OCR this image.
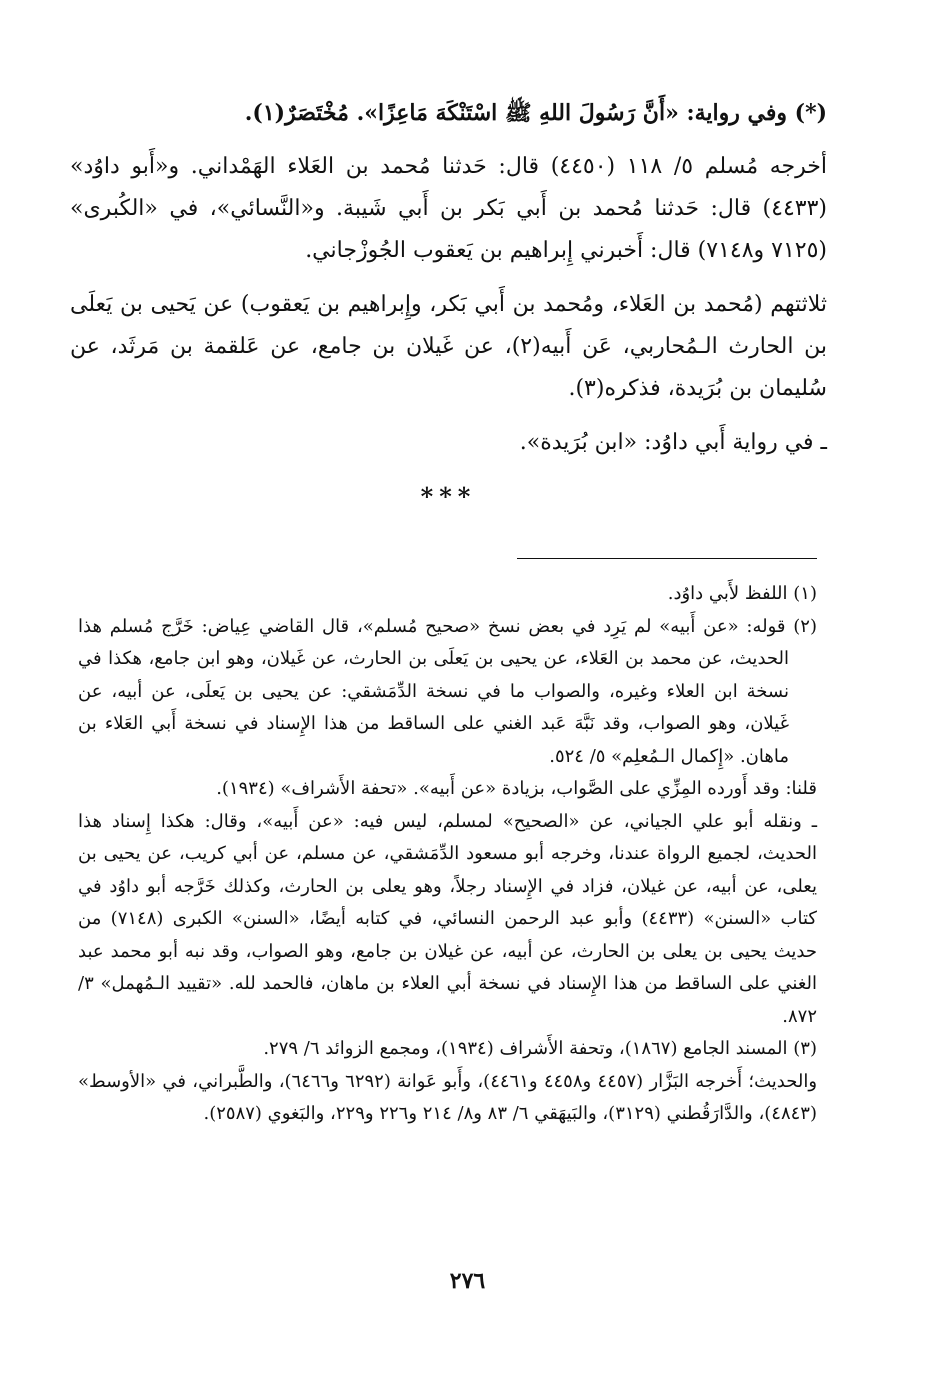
(*) وفي رواية: «أَنَّ رَسُولَ اللهِ ﷺ اسْتَنْكَهَ مَاعِزًا». مُخْتَصَرٌ(١).

أخرجه مُسلم ٥/ ١١٨ (٤٤٥٠) قال: حَدثنا مُحمد بن العَلاء الهَمْداني. و«أَبو داوُد» (٤٤٣٣) قال: حَدثنا مُحمد بن أَبي بَكر بن أَبي شَيبة. و«النَّسائي»، في «الكُبرى» (٧١٢٥ و٧١٤٨) قال: أَخبرني إِبراهيم بن يَعقوب الجُوزْجاني.

ثلاثتهم (مُحمد بن العَلاء، ومُحمد بن أَبي بَكر، وإِبراهيم بن يَعقوب) عن يَحيى بن يَعلَى بن الحارث الـمُحاربي، عَن أَبيه(٢)، عن غَيلان بن جامع، عن عَلقمة بن مَرثَد، عن سُليمان بن بُرَيدة، فذكره(٣).

ـ في رواية أَبي داوُد: «ابن بُرَيدة».

***

(١) اللفظ لأَبي داوُد.

(٢) قوله: «عن أَبيه» لم يَرِد في بعض نسخ «صحيح مُسلم»، قال القاضي عِياض: خَرَّج مُسلم هذا الحديث، عن محمد بن العَلاء، عن يحيى بن يَعلَى بن الحارث، عن غَيلان، وهو ابن جامع، هكذا في نسخة ابن العلاء وغيره، والصواب ما في نسخة الدِّمَشقي: عن يحيى بن يَعلَى، عن أبيه، عن غَيلان، وهو الصواب، وقد نَبَّهَ عَبد الغني على الساقط من هذا الإِسناد في نسخة أَبي العَلاء بن ماهان. «إِكمال الـمُعلِم» ٥/ ٥٢٤.

قلنا: وقد أَورده المِزِّي على الصَّواب، بزيادة «عن أَبيه». «تحفة الأَشراف» (١٩٣٤).

ـ ونقله أبو علي الجياني، عن «الصحيح» لمسلم، ليس فيه: «عن أَبيه»، وقال: هكذا إِسناد هذا الحديث، لجميع الرواة عندنا، وخرجه أبو مسعود الدِّمَشقي، عن مسلم، عن أبي كريب، عن يحيى بن يعلى، عن أبيه، عن غيلان، فزاد في الإِسناد رجلاً، وهو يعلى بن الحارث، وكذلك خَرَّجه أبو داوُد في كتاب «السنن» (٤٤٣٣) وأبو عبد الرحمن النسائي، في كتابه أيضًا، «السنن» الكبرى (٧١٤٨) من حديث يحيى بن يعلى بن الحارث، عن أبيه، عن غيلان بن جامع، وهو الصواب، وقد نبه أبو محمد عبد الغني على الساقط من هذا الإِسناد في نسخة أبي العلاء بن ماهان، فالحمد لله. «تقييد الـمُهمل» ٣/ ٨٧٢.

(٣) المسند الجامع (١٨٦٧)، وتحفة الأَشراف (١٩٣٤)، ومجمع الزوائد ٦/ ٢٧٩.

والحديث؛ أَخرجه البَزَّار (٤٤٥٧ و٤٤٥٨ و٤٤٦١)، وأَبو عَوانة (٦٢٩٢ و٦٤٦٦)، والطَّبراني، في «الأوسط» (٤٨٤٣)، والدَّارَقُطني (٣١٢٩)، والبَيهَقي ٦/ ٨٣ و٨/ ٢١٤ و٢٢٦ و٢٢٩، والبَغوي (٢٥٨٧).

٢٧٦
